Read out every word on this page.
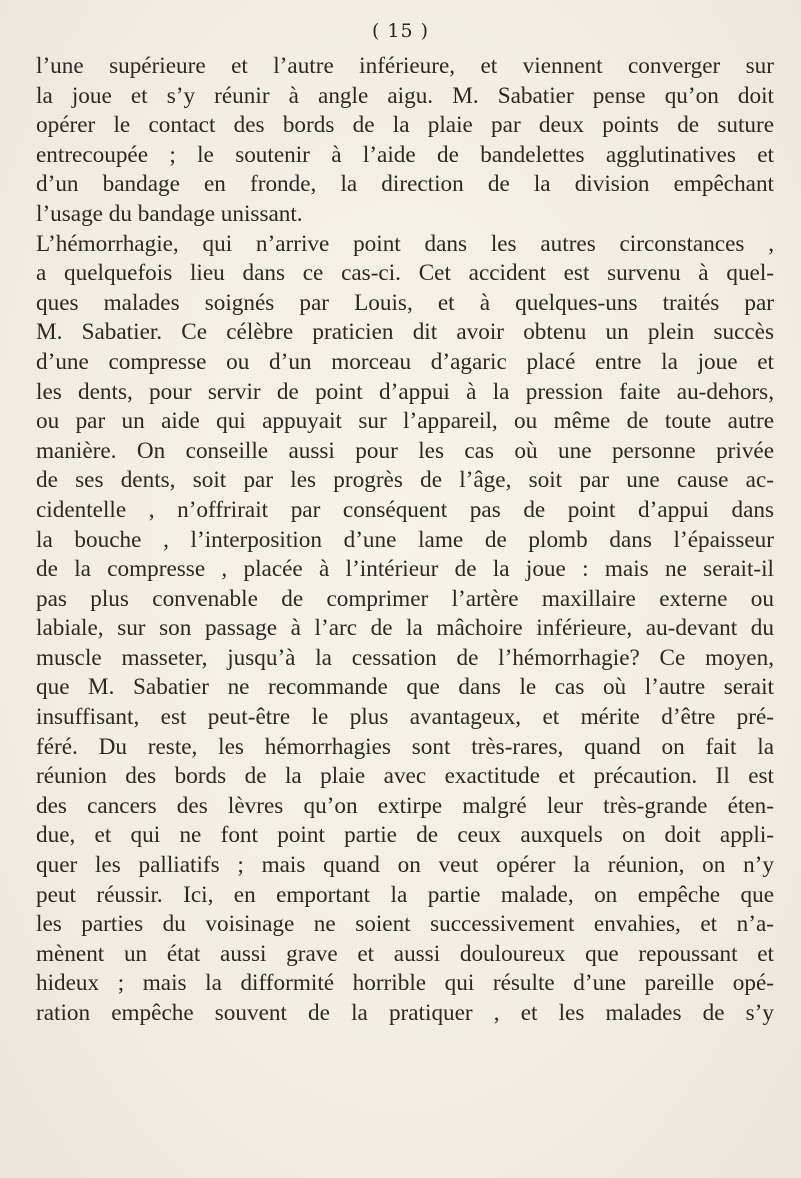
( 15 )
l’une supérieure et l’autre inférieure, et viennent converger sur
la joue et s’y réunir à angle aigu. M. Sabatier pense qu’on doit
opérer le contact des bords de la plaie par deux points de suture
entrecoupée ; le soutenir à l’aide de bandelettes agglutinatives et
d’un bandage en fronde, la direction de la division empêchant
l’usage du bandage unissant.
L’hémorrhagie, qui n’arrive point dans les autres circonstances ,
a quelquefois lieu dans ce cas-ci. Cet accident est survenu à quel-
ques malades soignés par Louis, et à quelques-uns traités par
M. Sabatier. Ce célèbre praticien dit avoir obtenu un plein succès
d’une compresse ou d’un morceau d’agaric placé entre la joue et
les dents, pour servir de point d’appui à la pression faite au-dehors,
ou par un aide qui appuyait sur l’appareil, ou même de toute autre
manière. On conseille aussi pour les cas où une personne privée
de ses dents, soit par les progrès de l’âge, soit par une cause ac-
cidentelle , n’offrirait par conséquent pas de point d’appui dans
la bouche , l’interposition d’une lame de plomb dans l’épaisseur
de la compresse , placée à l’intérieur de la joue : mais ne serait-il
pas plus convenable de comprimer l’artère maxillaire externe ou
labiale, sur son passage à l’arc de la mâchoire inférieure, au-devant du
muscle masseter, jusqu’à la cessation de l’hémorrhagie? Ce moyen,
que M. Sabatier ne recommande que dans le cas où l’autre serait
insuffisant, est peut-être le plus avantageux, et mérite d’être pré-
féré. Du reste, les hémorrhagies sont très-rares, quand on fait la
réunion des bords de la plaie avec exactitude et précaution. Il est
des cancers des lèvres qu’on extirpe malgré leur très-grande éten-
due, et qui ne font point partie de ceux auxquels on doit appli-
quer les palliatifs ; mais quand on veut opérer la réunion, on n’y
peut réussir. Ici, en emportant la partie malade, on empêche que
les parties du voisinage ne soient successivement envahies, et n’a-
mènent un état aussi grave et aussi douloureux que repoussant et
hideux ; mais la difformité horrible qui résulte d’une pareille opé-
ration empêche souvent de la pratiquer , et les malades de s’y
